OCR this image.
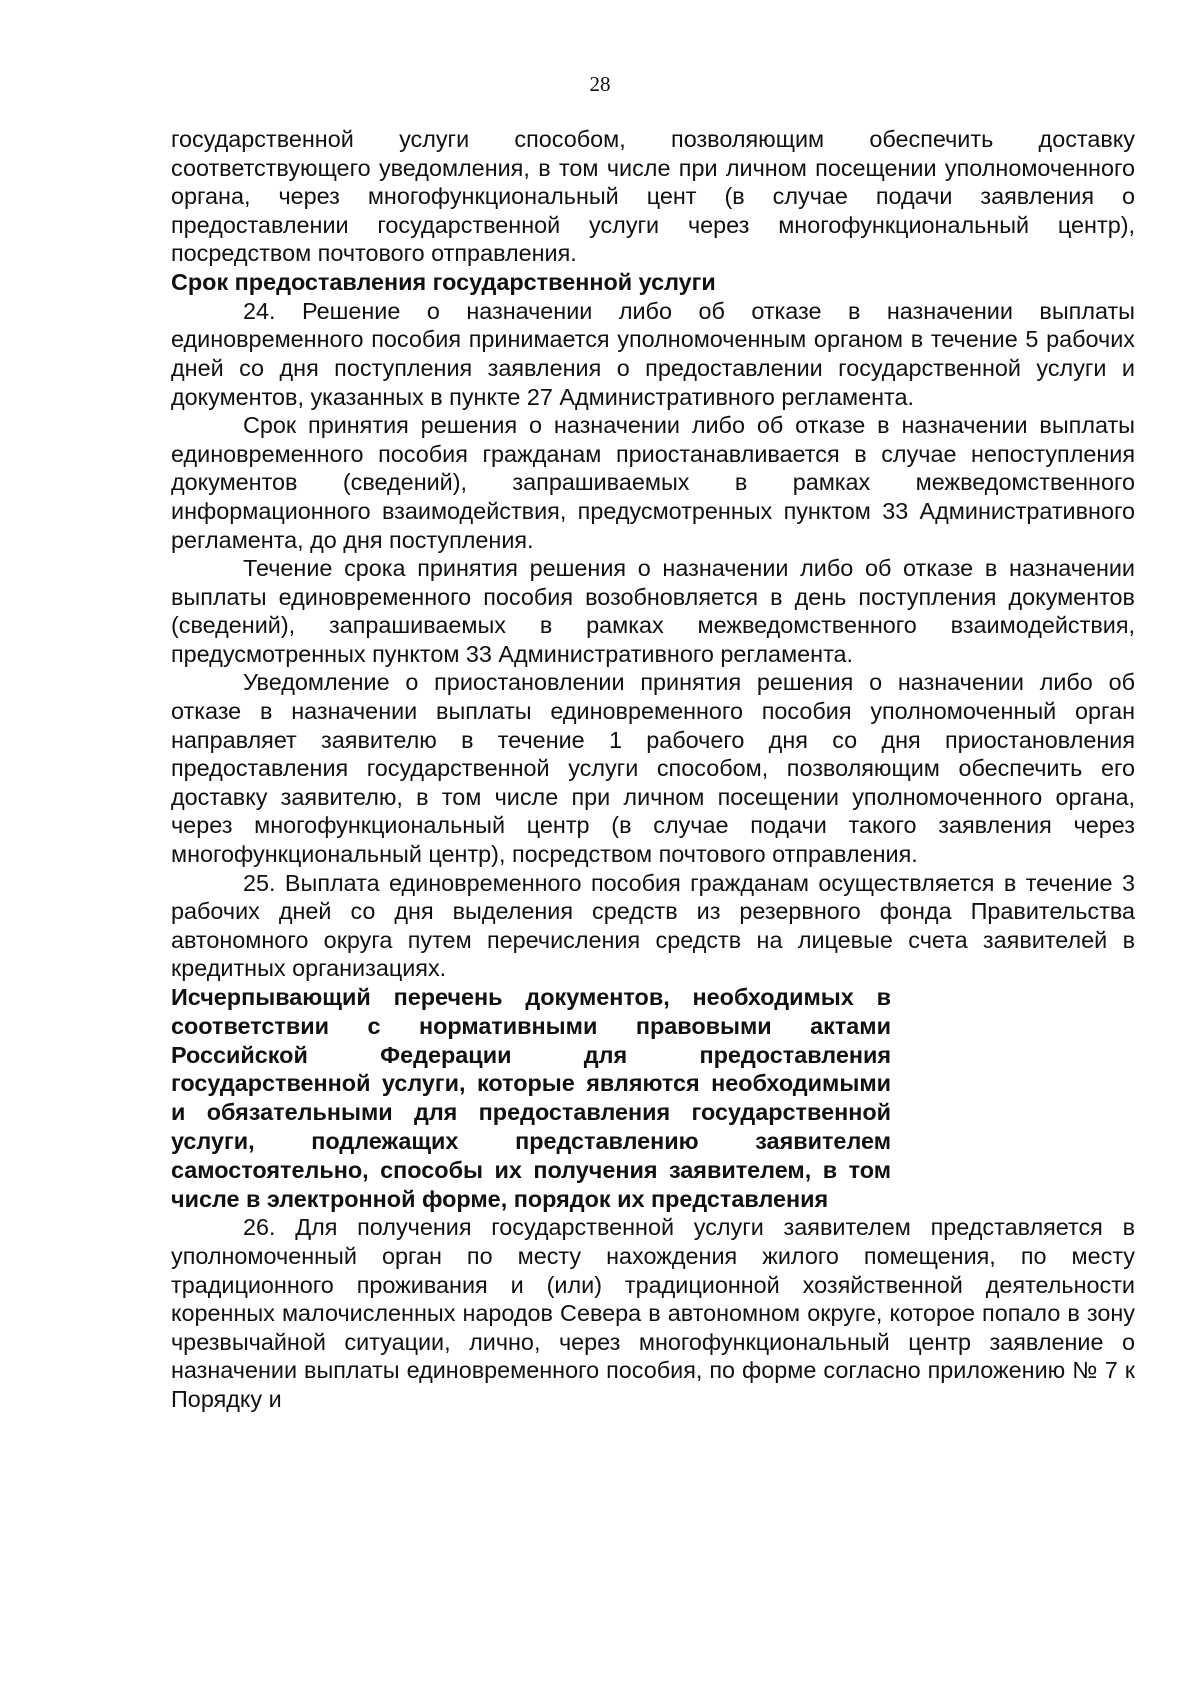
28

государственной услуги способом, позволяющим обеспечить доставку соответствующего уведомления, в том числе при личном посещении уполномоченного органа, через многофункциональный цент (в случае подачи заявления о предоставлении государственной услуги через многофункциональный центр), посредством почтового отправления.

Срок предоставления государственной услуги

24. Решение о назначении либо об отказе в назначении выплаты единовременного пособия принимается уполномоченным органом в течение 5 рабочих дней со дня поступления заявления о предоставлении государственной услуги и документов, указанных в пункте 27 Административного регламента.

Срок принятия решения о назначении либо об отказе в назначении выплаты единовременного пособия гражданам приостанавливается в случае непоступления документов (сведений), запрашиваемых в рамках межведомственного информационного взаимодействия, предусмотренных пунктом 33 Административного регламента, до дня поступления.

Течение срока принятия решения о назначении либо об отказе в назначении выплаты единовременного пособия возобновляется в день поступления документов (сведений), запрашиваемых в рамках межведомственного взаимодействия, предусмотренных пунктом 33 Административного регламента.

Уведомление о приостановлении принятия решения о назначении либо об отказе в назначении выплаты единовременного пособия уполномоченный орган направляет заявителю в течение 1 рабочего дня со дня приостановления предоставления государственной услуги способом, позволяющим обеспечить его доставку заявителю, в том числе при личном посещении уполномоченного органа, через многофункциональный центр (в случае подачи такого заявления через многофункциональный центр), посредством почтового отправления.

25. Выплата единовременного пособия гражданам осуществляется в течение 3 рабочих дней со дня выделения средств из резервного фонда Правительства автономного округа путем перечисления средств на лицевые счета заявителей в кредитных организациях.

Исчерпывающий перечень документов, необходимых в соответствии с нормативными правовыми актами Российской Федерации для предоставления государственной услуги, которые являются необходимыми и обязательными для предоставления государственной услуги, подлежащих представлению заявителем самостоятельно, способы их получения заявителем, в том числе в электронной форме, порядок их представления

26. Для получения государственной услуги заявителем представляется в уполномоченный орган по месту нахождения жилого помещения, по месту традиционного проживания и (или) традиционной хозяйственной деятельности коренных малочисленных народов Севера в автономном округе, которое попало в зону чрезвычайной ситуации, лично, через многофункциональный центр заявление о назначении выплаты единовременного пособия, по форме согласно приложению № 7 к Порядку и
